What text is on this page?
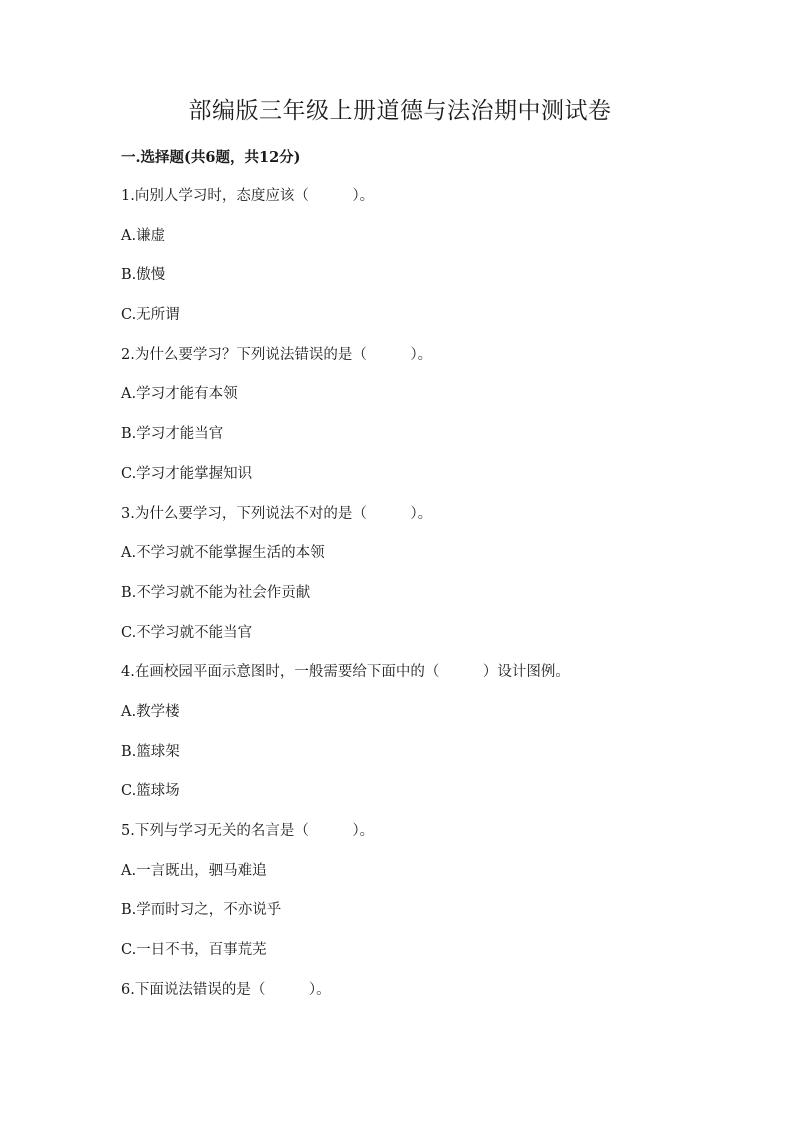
部编版三年级上册道德与法治期中测试卷
一.选择题(共6题，共12分)
1.向别人学习时，态度应该（　　　）。
A.谦虚
B.傲慢
C.无所谓
2.为什么要学习？下列说法错误的是（　　　）。
A.学习才能有本领
B.学习才能当官
C.学习才能掌握知识
3.为什么要学习，下列说法不对的是（　　　）。
A.不学习就不能掌握生活的本领
B.不学习就不能为社会作贡献
C.不学习就不能当官
4.在画校园平面示意图时，一般需要给下面中的（　　　）设计图例。
A.教学楼
B.篮球架
C.篮球场
5.下列与学习无关的名言是（　　　）。
A.一言既出，驷马难追
B.学而时习之，不亦说乎
C.一日不书，百事荒芜
6.下面说法错误的是（　　　）。
